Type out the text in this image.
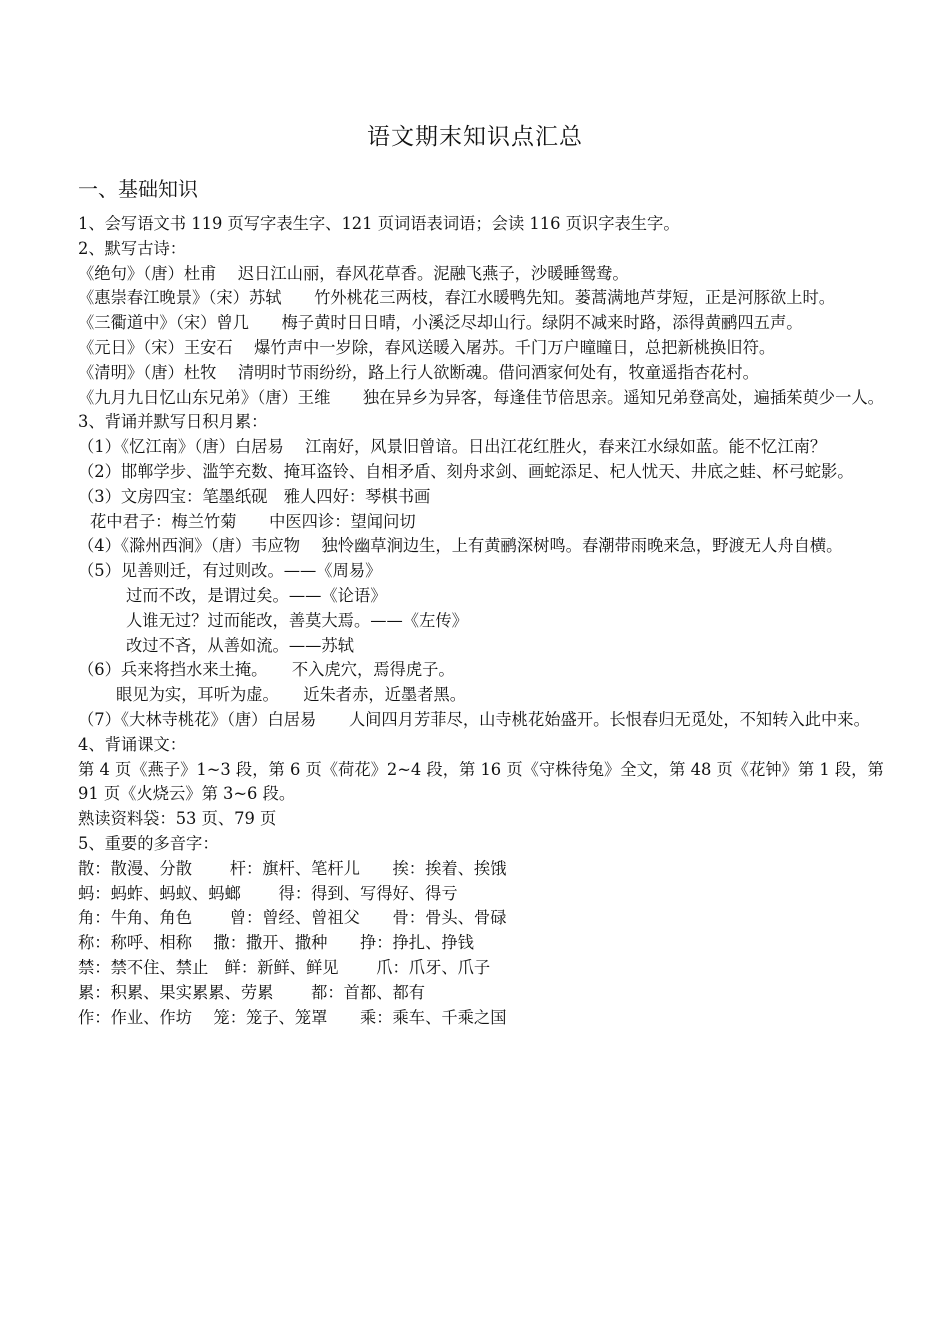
语文期末知识点汇总
一、基础知识
1、会写语文书 119 页写字表生字、121 页词语表词语；会读 116 页识字表生字。
2、默写古诗：
《绝句》（唐）杜甫　 迟日江山丽，春风花草香。泥融飞燕子，沙暖睡鸳鸯。
《惠崇春江晚景》（宋）苏轼　　竹外桃花三两枝，春江水暖鸭先知。蒌蒿满地芦芽短，正是河豚欲上时。
《三衢道中》（宋）曾几　　梅子黄时日日晴，小溪泛尽却山行。绿阴不减来时路，添得黄鹂四五声。
《元日》（宋）王安石　 爆竹声中一岁除，春风送暖入屠苏。千门万户曈曈日，总把新桃换旧符。
《清明》（唐）杜牧　 清明时节雨纷纷，路上行人欲断魂。借问酒家何处有，牧童遥指杏花村。
《九月九日忆山东兄弟》（唐）王维　　独在异乡为异客，每逢佳节倍思亲。遥知兄弟登高处，遍插茱萸少一人。
3、背诵并默写日积月累：
（1）《忆江南》（唐）白居易　 江南好，风景旧曾谙。日出江花红胜火，春来江水绿如蓝。能不忆江南？
（2）邯郸学步、滥竽充数、掩耳盗铃、自相矛盾、刻舟求剑、画蛇添足、杞人忧天、井底之蛙、杯弓蛇影。
（3）文房四宝：笔墨纸砚　雅人四好：琴棋书画
花中君子：梅兰竹菊　　中医四诊：望闻问切
（4）《滁州西涧》（唐）韦应物　 独怜幽草涧边生，上有黄鹂深树鸣。春潮带雨晚来急，野渡无人舟自横。
（5）见善则迁，有过则改。——《周易》
过而不改，是谓过矣。——《论语》
人谁无过？过而能改，善莫大焉。——《左传》
改过不吝，从善如流。——苏轼
（6）兵来将挡水来土掩。　　不入虎穴，焉得虎子。
眼见为实，耳听为虚。　　近朱者赤，近墨者黑。
（7）《大林寺桃花》（唐）白居易　　人间四月芳菲尽，山寺桃花始盛开。长恨春归无觅处，不知转入此中来。
4、背诵课文：
第 4 页《燕子》1~3 段，第 6 页《荷花》2~4 段，第 16 页《守株待兔》全文，第 48 页《花钟》第 1 段，第 91 页《火烧云》第 3~6 段。
熟读资料袋：53 页、79 页
5、重要的多音字：
散：散漫、分散　　 杆：旗杆、笔杆儿　　挨：挨着、挨饿
蚂：蚂蚱、蚂蚁、蚂螂　　 得：得到、写得好、得亏
角：牛角、角色　　 曾：曾经、曾祖父　　骨：骨头、骨碌
称：称呼、相称　 撒：撒开、撒种　　挣：挣扎、挣钱
禁：禁不住、禁止　鲜：新鲜、鲜见　　 爪：爪牙、爪子
累：积累、果实累累、劳累　　 都：首都、都有
作：作业、作坊　 笼：笼子、笼罩　　乘：乘车、千乘之国
